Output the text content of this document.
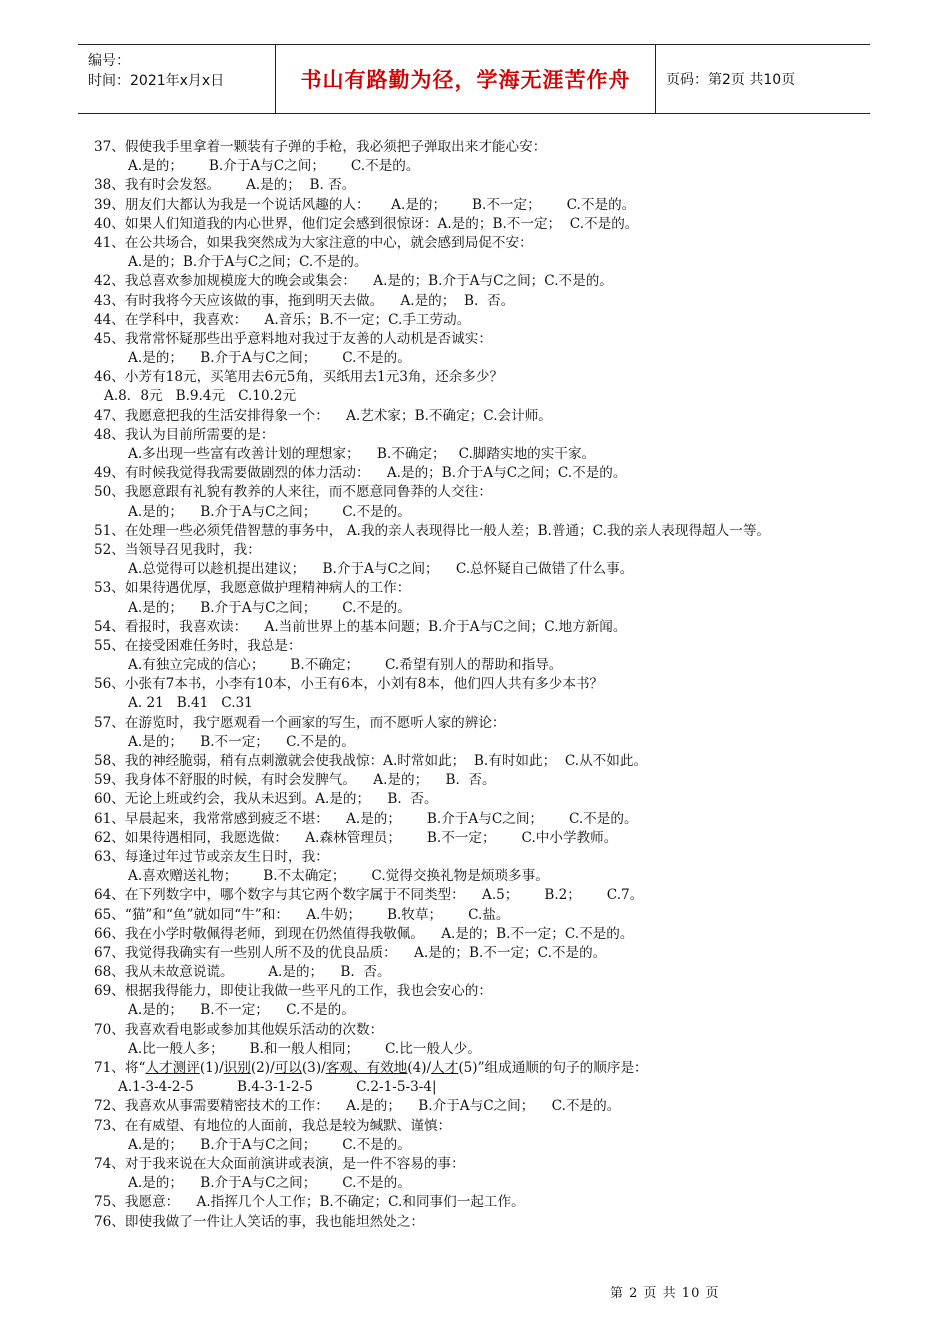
编号：
时间：2021年x月x日	书山有路勤为径，学海无涯苦作舟	页码：第2页 共10页
37、假使我手里拿着一颗装有子弹的手枪，我必须把子弹取出来才能心安：
A.是的；      B.介于A与C之间；      C.不是的。
38、我有时会发怒。      A.是的；  B. 否。
39、朋友们大都认为我是一个说话风趣的人：     A.是的；      B.不一定；      C.不是的。
40、如果人们知道我的内心世界，他们定会感到很惊讶：A.是的；B.不一定；  C.不是的。
41、在公共场合，如果我突然成为大家注意的中心，就会感到局促不安：
A.是的；B.介于A与C之间；C.不是的。
42、我总喜欢参加规模庞大的晚会或集会：    A.是的；B.介于A与C之间；C.不是的。
43、有时我将今天应该做的事，拖到明天去做。    A.是的；  B.  否。
44、在学科中，我喜欢：    A.音乐；B.不一定；C.手工劳动。
45、我常常怀疑那些出乎意料地对我过于友善的人动机是否诚实：
A.是的；    B.介于A与C之间；      C.不是的。
46、小芳有18元，买笔用去6元5角，买纸用去1元3角，还余多少？
A.8．8元   B.9.4元   C.10.2元
47、我愿意把我的生活安排得象一个：    A.艺术家；B.不确定；C.会计师。
48、我认为目前所需要的是：
A.多出现一些富有改善计划的理想家；    B.不确定；   C.脚踏实地的实干家。
49、有时候我觉得我需要做剧烈的体力活动：    A.是的；B.介于A与C之间；C.不是的。
50、我愿意跟有礼貌有教养的人来往，而不愿意同鲁莽的人交往：
A.是的；    B.介于A与C之间；      C.不是的。
51、在处理一些必须凭借智慧的事务中， A.我的亲人表现得比一般人差；B.普通；C.我的亲人表现得超人一等。
52、当领导召见我时，我：
A.总觉得可以趁机提出建议；    B.介于A与C之间；    C.总怀疑自己做错了什么事。
53、如果待遇优厚，我愿意做护理精神病人的工作：
A.是的；    B.介于A与C之间；      C.不是的。
54、看报时，我喜欢读：    A.当前世界上的基本问题；B.介于A与C之间；C.地方新闻。
55、在接受困难任务时，我总是：
A.有独立完成的信心；      B.不确定；      C.希望有别人的帮助和指导。
56、小张有7本书，小李有10本，小王有6本，小刘有8本，他们四人共有多少本书？
A. 21   B.41   C.31
57、在游览时，我宁愿观看一个画家的写生，而不愿听人家的辨论：
A.是的；    B.不一定；    C.不是的。
58、我的神经脆弱，稍有点刺激就会使我战惊：A.时常如此；  B.有时如此；  C.从不如此。
59、我身体不舒服的时候，有时会发脾气。    A.是的；    B.  否。
60、无论上班或约会，我从未迟到。A.是的；    B.  否。
61、早晨起来，我常常感到疲乏不堪：    A.是的；      B.介于A与C之间；      C.不是的。
62、如果待遇相同，我愿选做：    A.森林管理员；      B.不一定；      C.中小学教师。
63、每逢过年过节或亲友生日时，我：
A.喜欢赠送礼物；      B.不太确定；      C.觉得交换礼物是烦琐多事。
64、在下列数字中，哪个数字与其它两个数字属于不同类型：    A.5；      B.2；      C.7。
65、“猫”和“鱼”就如同“牛”和：    A.牛奶；      B.牧草；      C.盐。
66、我在小学时敬佩得老师，到现在仍然值得我敬佩。    A.是的；B.不一定；C.不是的。
67、我觉得我确实有一些别人所不及的优良品质：    A.是的；B.不一定；C.不是的。
68、我从未故意说谎。        A.是的；    B.  否。
69、根据我得能力，即使让我做一些平凡的工作，我也会安心的：
A.是的；    B.不一定；    C.不是的。
70、我喜欢看电影或参加其他娱乐活动的次数：
A.比一般人多；      B.和一般人相同；      C.比一般人少。
71、将“人才测评(1)/识别(2)/可以(3)/客观、有效地(4)/人才(5)”组成通顺的句子的顺序是：
A.1-3-4-2-5          B.4-3-1-2-5          C.2-1-5-3-4|
72、我喜欢从事需要精密技术的工作：    A.是的；    B.介于A与C之间；    C.不是的。
73、在有威望、有地位的人面前，我总是较为缄默、谨慎：
A.是的；    B.介于A与C之间；      C.不是的。
74、对于我来说在大众面前演讲或表演，是一件不容易的事：
A.是的；    B.介于A与C之间；      C.不是的。
75、我愿意：    A.指挥几个人工作；B.不确定；C.和同事们一起工作。
76、即使我做了一件让人笑话的事，我也能坦然处之：
第 2 页 共 10 页
